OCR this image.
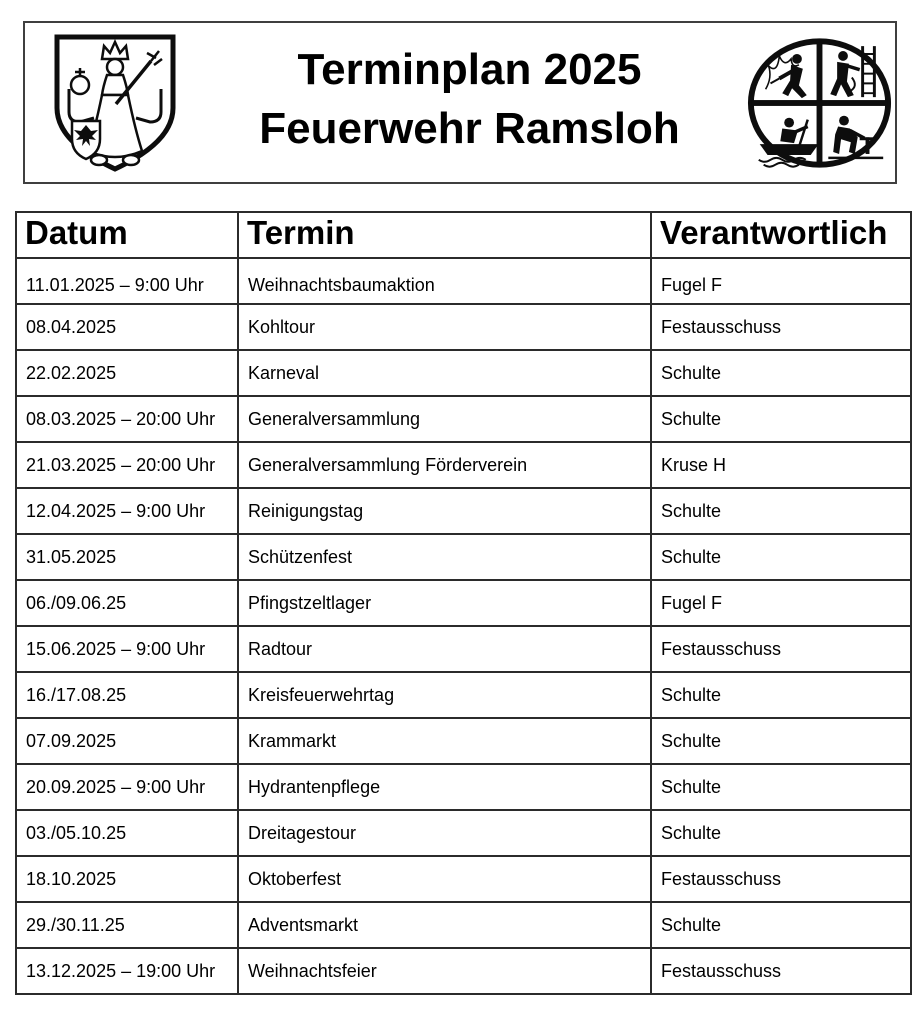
Terminplan 2025
Feuerwehr Ramsloh
Datum	Termin	Verantwortlich
11.01.2025 – 9:00 Uhr	Weihnachtsbaumaktion	Fugel F
08.04.2025	Kohltour	Festausschuss
22.02.2025	Karneval	Schulte
08.03.2025 – 20:00 Uhr	Generalversammlung	Schulte
21.03.2025 – 20:00 Uhr	Generalversammlung Förderverein	Kruse H
12.04.2025 – 9:00 Uhr	Reinigungstag	Schulte
31.05.2025	Schützenfest	Schulte
06./09.06.25	Pfingstzeltlager	Fugel F
15.06.2025 – 9:00 Uhr	Radtour	Festausschuss
16./17.08.25	Kreisfeuerwehrtag	Schulte
07.09.2025	Krammarkt	Schulte
20.09.2025 – 9:00 Uhr	Hydrantenpflege	Schulte
03./05.10.25	Dreitagestour	Schulte
18.10.2025	Oktoberfest	Festausschuss
29./30.11.25	Adventsmarkt	Schulte
13.12.2025 – 19:00 Uhr	Weihnachtsfeier	Festausschuss
